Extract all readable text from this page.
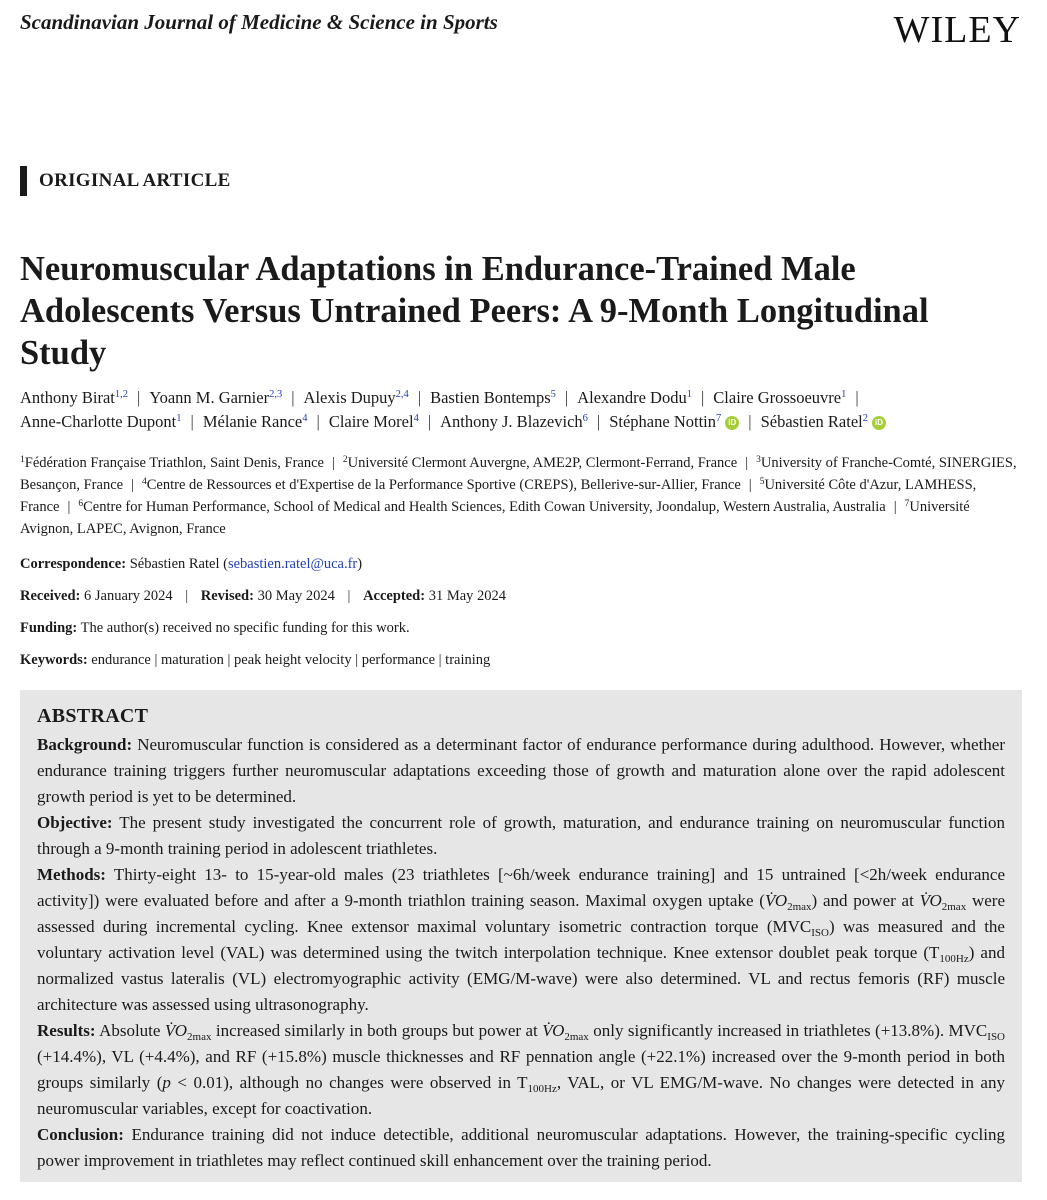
Scandinavian Journal of Medicine & Science in Sports	WILEY
ORIGINAL ARTICLE
Neuromuscular Adaptations in Endurance-Trained Male Adolescents Versus Untrained Peers: A 9-Month Longitudinal Study
Anthony Birat$^{1,2}$ | Yoann M. Garnier$^{2,3}$ | Alexis Dupuy$^{2,4}$ | Bastien Bontemps$^5$ | Alexandre Dodu$^1$ | Claire Grossoeuvre$^1$ |
Anne-Charlotte Dupont$^1$ | Mélanie Rance$^4$ | Claire Morel$^4$ | Anthony J. Blazevich$^6$ | Stéphane Nottin$^7$ iD | Sébastien Ratel$^2$ iD
$^1$Fédération Française Triathlon, Saint Denis, France | $^2$Université Clermont Auvergne, AME2P, Clermont-Ferrand, France | $^3$University of Franche-Comté, SINERGIES, Besançon, France | $^4$Centre de Ressources et d'Expertise de la Performance Sportive (CREPS), Bellerive-sur-Allier, France | $^5$Université Côte d'Azur, LAMHESS, France | $^6$Centre for Human Performance, School of Medical and Health Sciences, Edith Cowan University, Joondalup, Western Australia, Australia | $^7$Université Avignon, LAPEC, Avignon, France
Correspondence: Sébastien Ratel (sebastien.ratel@uca.fr)
Received: 6 January 2024 | Revised: 30 May 2024 | Accepted: 31 May 2024
Funding: The author(s) received no specific funding for this work.
Keywords: endurance | maturation | peak height velocity | performance | training
ABSTRACT

Background: Neuromuscular function is considered as a determinant factor of endurance performance during adulthood. However, whether endurance training triggers further neuromuscular adaptations exceeding those of growth and maturation alone over the rapid adolescent growth period is yet to be determined.

Objective: The present study investigated the concurrent role of growth, maturation, and endurance training on neuromuscular function through a 9-month training period in adolescent triathletes.

Methods: Thirty-eight 13- to 15-year-old males (23 triathletes [~6h/week endurance training] and 15 untrained [<2h/week endurance activity]) were evaluated before and after a 9-month triathlon training season. Maximal oxygen uptake $(V̇O_{2max})$ and power at $V̇O_{2max}$ were assessed during incremental cycling. Knee extensor maximal voluntary isometric contraction torque $(MVC_{ISO})$ was measured and the voluntary activation level (VAL) was determined using the twitch interpolation technique. Knee extensor doublet peak torque $(T_{100Hz})$ and normalized vastus lateralis (VL) electromyographic activity (EMG/M-wave) were also determined. VL and rectus femoris (RF) muscle architecture was assessed using ultrasonography.

Results: Absolute $V̇O_{2max}$ increased similarly in both groups but power at $V̇O_{2max}$ only significantly increased in triathletes (+13.8%). $MVC_{ISO}$ (+14.4%), VL (+4.4%), and RF (+15.8%) muscle thicknesses and RF pennation angle (+22.1%) increased over the 9-month period in both groups similarly (p < 0.01), although no changes were observed in $T_{100Hz}$, VAL, or VL EMG/M-wave. No changes were detected in any neuromuscular variables, except for coactivation.

Conclusion: Endurance training did not induce detectible, additional neuromuscular adaptations. However, the training-specific cycling power improvement in triathletes may reflect continued skill enhancement over the training period.
